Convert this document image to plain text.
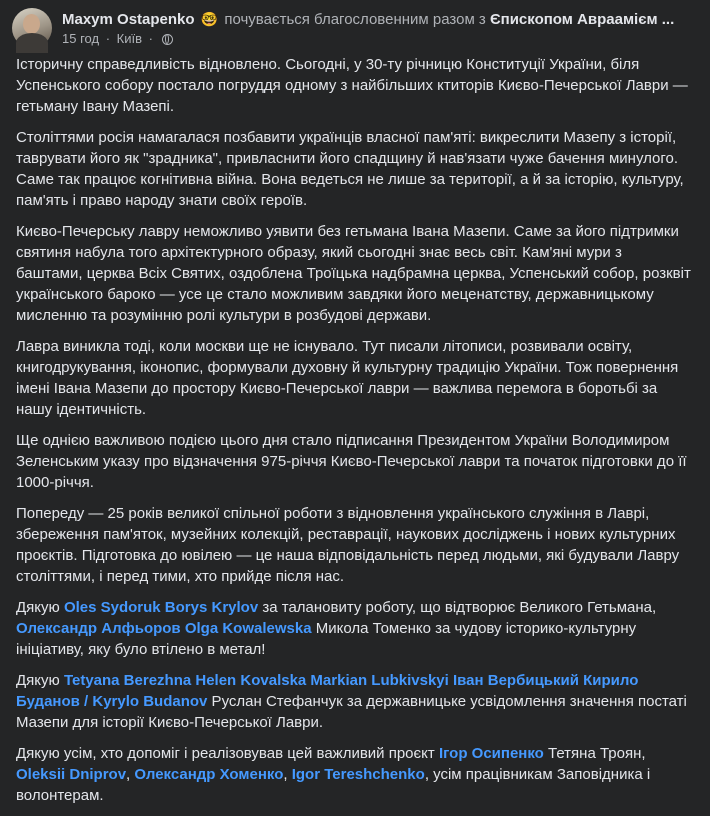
Maxym Ostapenko 🤓 почувається благословенним разом з Єпископом Авраамієм ...
15 год · Київ ·

Історичну справедливість відновлено. Сьогодні, у 30-ту річницю Конституції України, біля Успенського собору постало погруддя одному з найбільших ктиторів Києво-Печерської Лаври — гетьману Івану Мазепі.

Століттями росія намагалася позбавити українців власної пам'яті: викреслити Мазепу з історії, таврувати його як "зрадника", привласнити його спадщину й нав'язати чуже бачення минулого. Саме так працює когнітивна війна. Вона ведеться не лише за території, а й за історію, культуру, пам'ять і право народу знати своїх героїв.

Києво-Печерську лавру неможливо уявити без гетьмана Івана Мазепи. Саме за його підтримки святиня набула того архітектурного образу, який сьогодні знає весь світ. Кам'яні мури з баштами, церква Всіх Святих, оздоблена Троїцька надбрамна церква, Успенський собор, розквіт українського бароко — усе це стало можливим завдяки його меценатству, державницькому мисленню та розумінню ролі культури в розбудові держави.

Лавра виникла тоді, коли москви ще не існувало. Тут писали літописи, розвивали освіту, книгодрукування, іконопис, формували духовну й культурну традицію України. Тож повернення імені Івана Мазепи до простору Києво-Печерської лаври — важлива перемога в боротьбі за нашу ідентичність.

Ще однією важливою подією цього дня стало підписання Президентом України Володимиром Зеленським указу про відзначення 975-річчя Києво-Печерської лаври та початок підготовки до її 1000-річчя.

Попереду — 25 років великої спільної роботи з відновлення українського служіння в Лаврі, збереження пам'яток, музейних колекцій, реставрації, наукових досліджень і нових культурних проєктів. Підготовка до ювілею — це наша відповідальність перед людьми, які будували Лавру століттями, і перед тими, хто прийде після нас.

Дякую Oles Sydoruk Borys Krylov за талановиту роботу, що відтворює Великого Гетьмана, Олександр Алфьоров Olga Kowalewska Микола Томенко за чудову історико-культурну ініціативу, яку було втілено в метал!

Дякую Tetyana Berezhna Helen Kovalska Markian Lubkivskyi Іван Вербицький Кирило Буданов / Kyrylo Budanov Руслан Стефанчук за державницьке усвідомлення значення постаті Мазепи для історії Києво-Печерської Лаври.

Дякую усім, хто допоміг і реалізовував цей важливий проєкт Ігор Осипенко Тетяна Троян, Oleksii Dniprov, Олександр Хоменко, Igor Tereshchenko, усім працівникам Заповідника і волонтерам.
